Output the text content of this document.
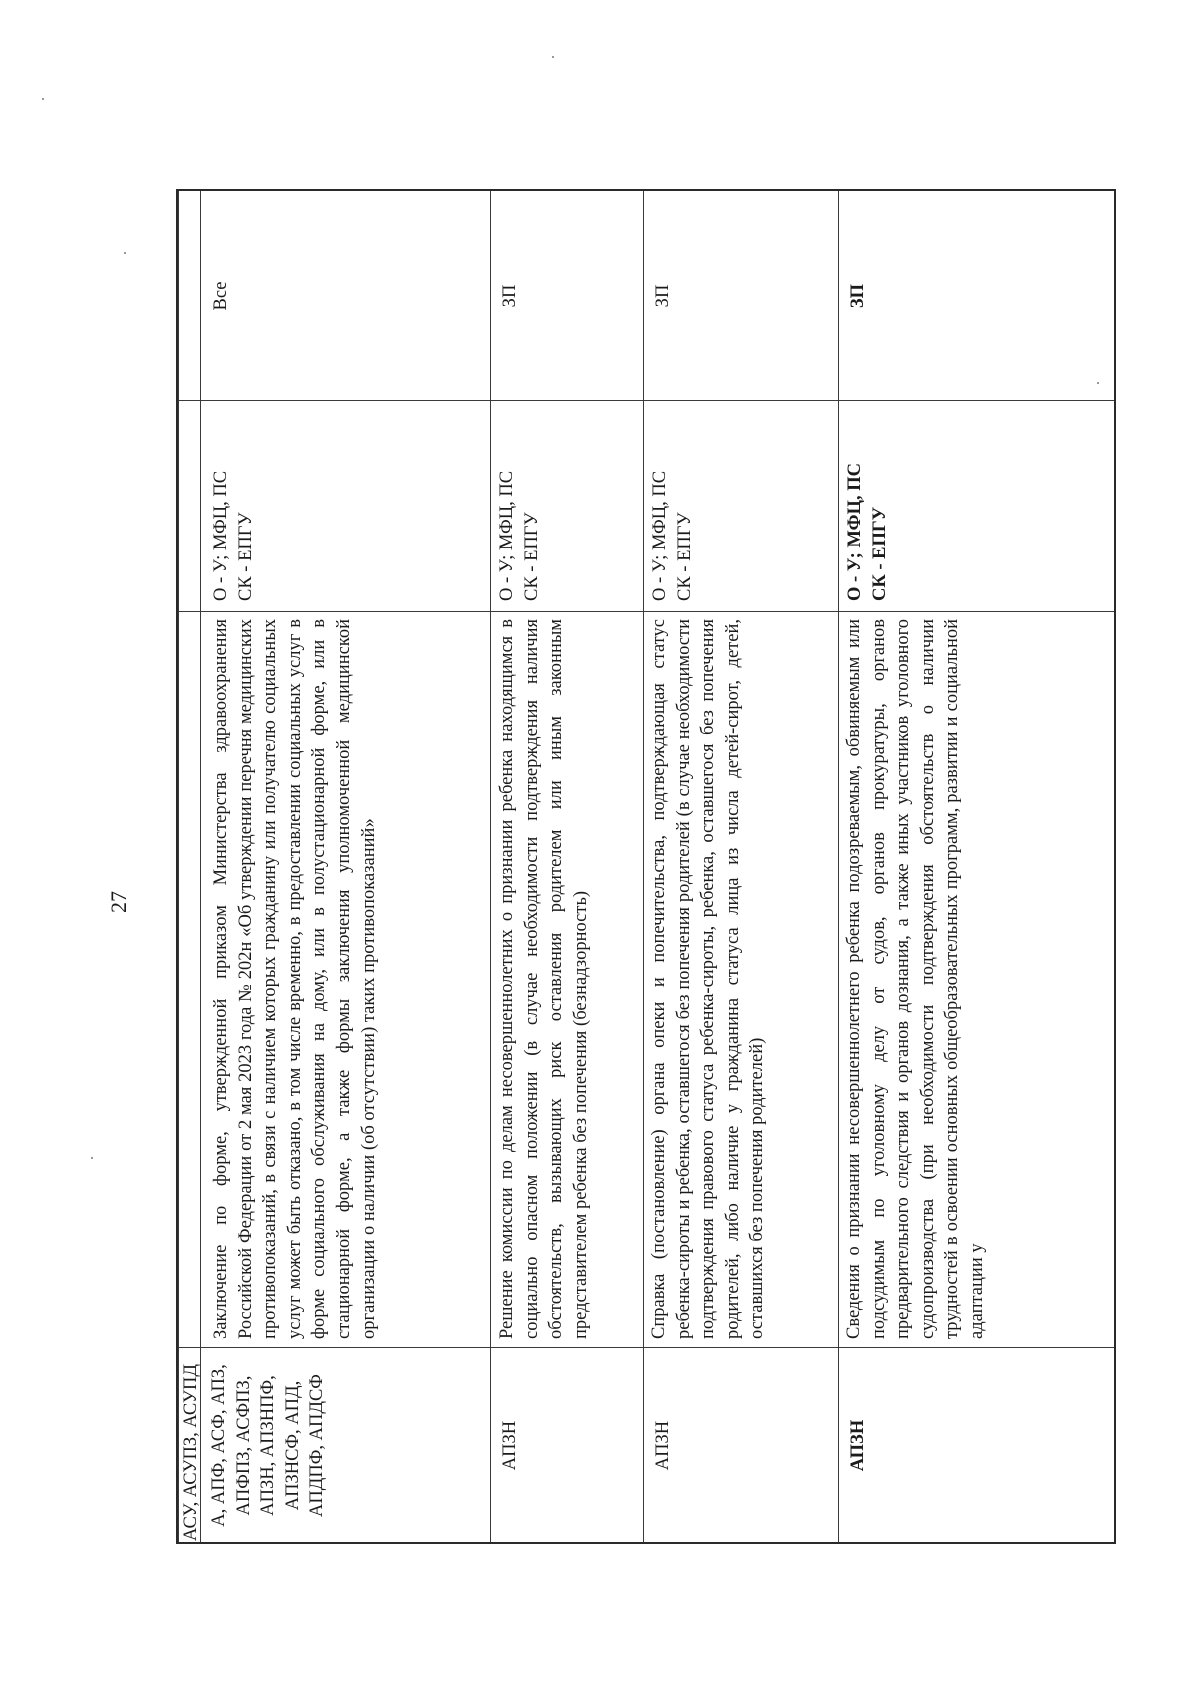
27
АСУ, АСУПЗ, АСУПД А, АПФ, АСФ, АПЗ, АПФПЗ, АСФПЗ, АПЗН, АПЗНПФ, АПЗНСФ, АПД, АПДПФ, АПДСФ
Заключение по форме, утвержденной приказом Министерства здравоохранения Российской Федерации от 2 мая 2023 года № 202н «Об утверждении перечня медицинских противопоказаний, в связи с наличием которых гражданину или получателю социальных услуг может быть отказано, в том числе временно, в предоставлении социальных услуг в форме социального обслуживания на дому, или в полустационарной форме, или в стационарной форме, а также формы заключения уполномоченной медицинской организации о наличии (об отсутствии) таких противопоказаний»
О - У; МФЦ, ПС СК - ЕПГУ
Все
АПЗН
Решение комиссии по делам несовершеннолетних о признании ребенка находящимся в социально опасном положении (в случае необходимости подтверждения наличия обстоятельств, вызывающих риск оставления родителем или иным законным представителем ребенка без попечения (безнадзорность)
О - У; МФЦ, ПС СК - ЕПГУ
ЗП
АПЗН
Справка (постановление) органа опеки и попечительства, подтверждающая статус ребенка-сироты и ребенка, оставшегося без попечения родителей (в случае необходимости подтверждения правового статуса ребенка-сироты, ребенка, оставшегося без попечения родителей, либо наличие у гражданина статуса лица из числа детей-сирот, детей, оставшихся без попечения родителей)
О - У; МФЦ, ПС СК - ЕПГУ
ЗП
АПЗН
Сведения о признании несовершеннолетнего ребенка подозреваемым, обвиняемым или подсудимым по уголовному делу от судов, органов прокуратуры, органов предварительного следствия и органов дознания, а также иных участников уголовного судопроизводства (при необходимости подтверждения обстоятельств о наличии трудностей в освоении основных общеобразовательных программ, развитии и социальной адаптации у
О - У; МФЦ, ПС СК - ЕПГУ
ЗП
